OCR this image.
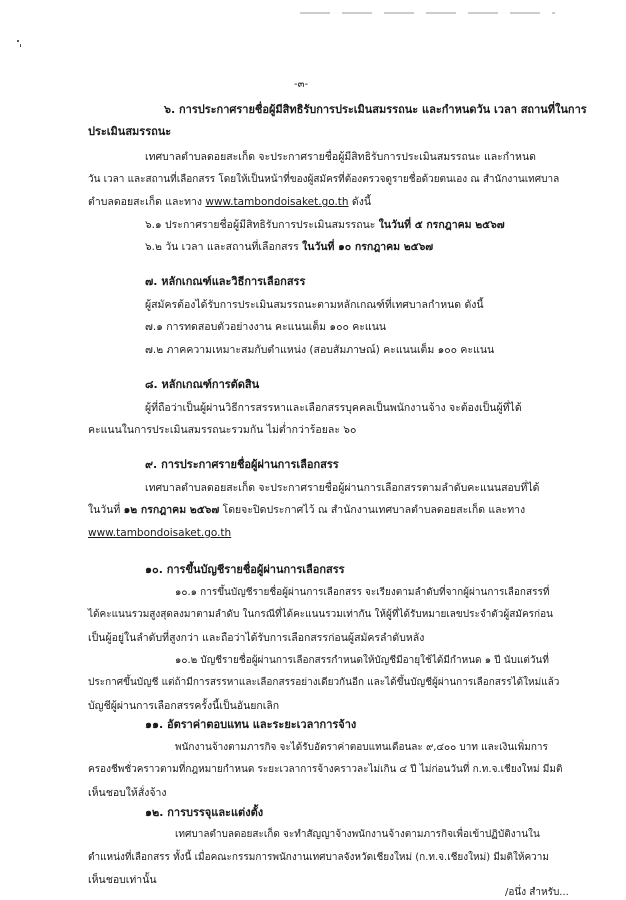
-๓-
๖. การประกาศรายชื่อผู้มีสิทธิรับการประเมินสมรรถนะ และกำหนดวัน เวลา สถานที่ในการ
ประเมินสมรรถนะ
เทศบาลตำบลดอยสะเก็ด จะประกาศรายชื่อผู้มีสิทธิรับการประเมินสมรรถนะ และกำหนด
วัน เวลา และสถานที่เลือกสรร โดยให้เป็นหน้าที่ของผู้สมัครที่ต้องตรวจดูรายชื่อด้วยตนเอง ณ สำนักงานเทศบาล
ตำบลดอยสะเก็ด และทาง www.tambondoisaket.go.th ดังนี้
๖.๑ ประกาศรายชื่อผู้มีสิทธิรับการประเมินสมรรถนะ ในวันที่ ๕ กรกฎาคม ๒๕๖๗
๖.๒ วัน เวลา และสถานที่เลือกสรร ในวันที่ ๑๐ กรกฎาคม ๒๕๖๗
๗. หลักเกณฑ์และวิธีการเลือกสรร
ผู้สมัครต้องได้รับการประเมินสมรรถนะตามหลักเกณฑ์ที่เทศบาลกำหนด ดังนี้
๗.๑ การทดสอบตัวอย่างงาน คะแนนเต็ม ๑๐๐ คะแนน
๗.๒ ภาคความเหมาะสมกับตำแหน่ง (สอบสัมภาษณ์) คะแนนเต็ม ๑๐๐ คะแนน
๘. หลักเกณฑ์การตัดสิน
ผู้ที่ถือว่าเป็นผู้ผ่านวิธีการสรรหาและเลือกสรรบุคคลเป็นพนักงานจ้าง จะต้องเป็นผู้ที่ได้
คะแนนในการประเมินสมรรถนะรวมกัน ไม่ต่ำกว่าร้อยละ ๖๐
๙. การประกาศรายชื่อผู้ผ่านการเลือกสรร
เทศบาลตำบลดอยสะเก็ด จะประกาศรายชื่อผู้ผ่านการเลือกสรรตามลำดับคะแนนสอบที่ได้
ในวันที่ ๑๒ กรกฎาคม ๒๕๖๗ โดยจะปิดประกาศไว้ ณ สำนักงานเทศบาลตำบลดอยสะเก็ด และทาง
www.tambondoisaket.go.th
๑๐. การขึ้นบัญชีรายชื่อผู้ผ่านการเลือกสรร
๑๐.๑ การขึ้นบัญชีรายชื่อผู้ผ่านการเลือกสรร จะเรียงตามลำดับที่จากผู้ผ่านการเลือกสรรที่
ได้คะแนนรวมสูงสุดลงมาตามลำดับ ในกรณีที่ได้คะแนนรวมเท่ากัน ให้ผู้ที่ได้รับหมายเลขประจำตัวผู้สมัครก่อน
เป็นผู้อยู่ในลำดับที่สูงกว่า และถือว่าได้รับการเลือกสรรก่อนผู้สมัครลำดับหลัง
๑๐.๒ บัญชีรายชื่อผู้ผ่านการเลือกสรรกำหนดให้บัญชีมีอายุใช้ได้มีกำหนด ๑ ปี นับแต่วันที่
ประกาศขึ้นบัญชี แต่ถ้ามีการสรรหาและเลือกสรรอย่างเดียวกันอีก และได้ขึ้นบัญชีผู้ผ่านการเลือกสรรได้ใหม่แล้ว
บัญชีผู้ผ่านการเลือกสรรครั้งนี้เป็นอันยกเลิก
๑๑. อัตราค่าตอบแทน และระยะเวลาการจ้าง
พนักงานจ้างตามภารกิจ จะได้รับอัตราค่าตอบแทนเดือนละ ๙,๔๐๐ บาท และเงินเพิ่มการ
ครองชีพชั่วคราวตามที่กฎหมายกำหนด ระยะเวลาการจ้างคราวละไม่เกิน ๔ ปี ไม่ก่อนวันที่ ก.ท.จ.เชียงใหม่ มีมติ
เห็นชอบให้สั่งจ้าง
๑๒. การบรรจุและแต่งตั้ง
เทศบาลตำบลดอยสะเก็ด จะทำสัญญาจ้างพนักงานจ้างตามภารกิจเพื่อเข้าปฏิบัติงานใน
ตำแหน่งที่เลือกสรร ทั้งนี้ เมื่อคณะกรรมการพนักงานเทศบาลจังหวัดเชียงใหม่ (ก.ท.จ.เชียงใหม่) มีมติให้ความ
เห็นชอบเท่านั้น
/อนึ่ง สำหรับ...
